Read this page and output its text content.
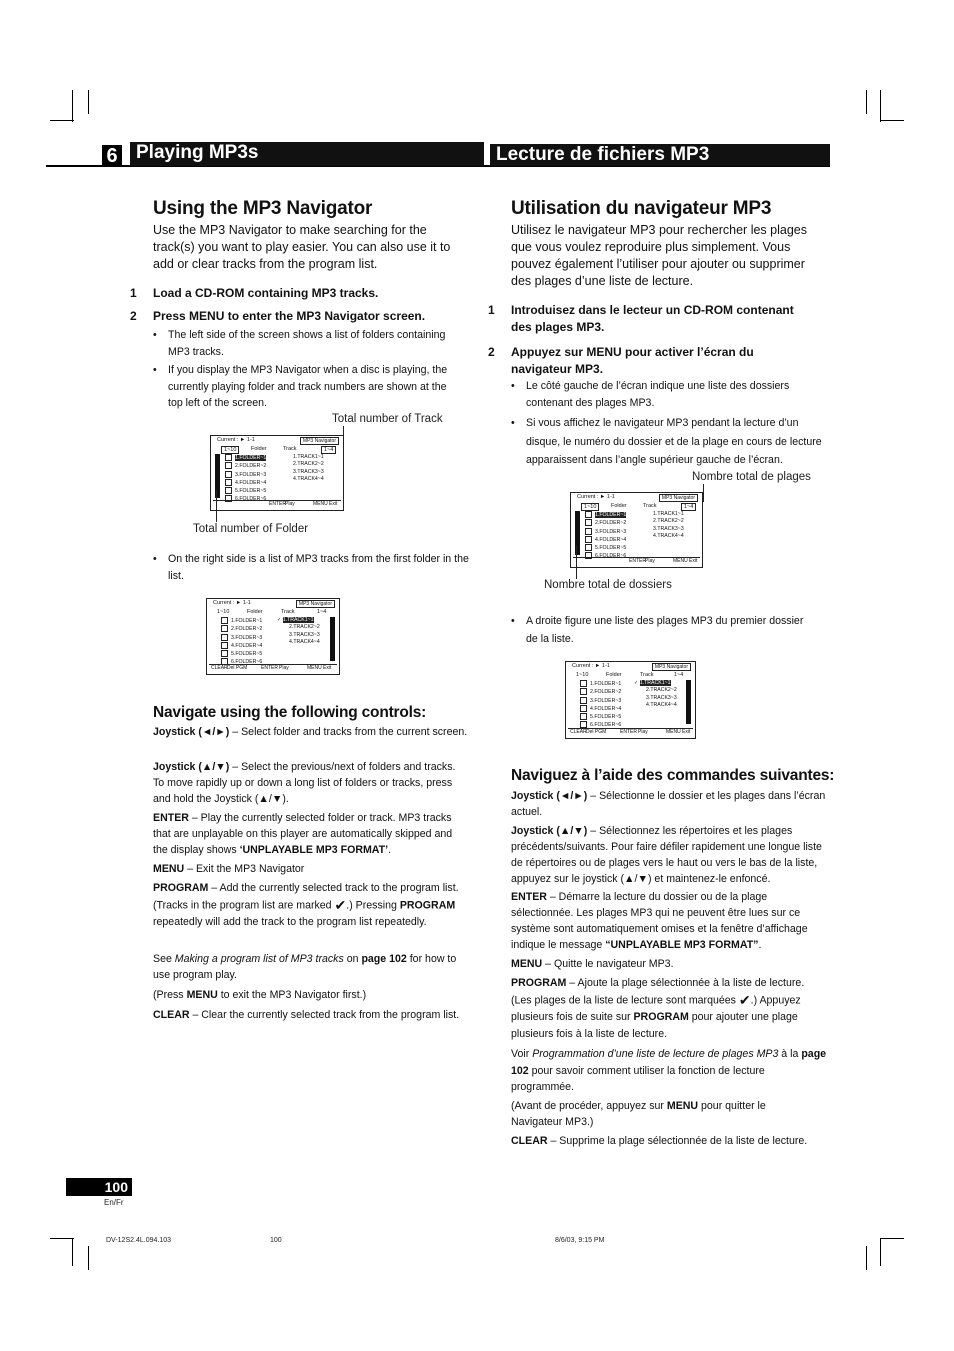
6 Playing MP3s	Lecture de fichiers MP3
Using the MP3 Navigator
Use the MP3 Navigator to make searching for the track(s) you want to play easier. You can also use it to add or clear tracks from the program list.
1 Load a CD-ROM containing MP3 tracks.
2 Press MENU to enter the MP3 Navigator screen.
• The left side of the screen shows a list of folders containing MP3 tracks.
• If you display the MP3 Navigator when a disc is playing, the currently playing folder and track numbers are shown at the top left of the screen.
Total number of Track
Current : ► 1-1	MP3 Navigator
1~10	Folder	Track	1~4
1.FOLDER~1
2.FOLDER~2
3.FOLDER~3
4.FOLDER~4
5.FOLDER~5
6.FOLDER~6
1.TRACK1~1
2.TRACK2~2
3.TRACK3~3
4.TRACK4~4
ENTER Play	MENU Exit
Total number of Folder
• On the right side is a list of MP3 tracks from the first folder in the list.
Current : ► 1-1	MP3 Navigator
1~10	Folder	Track	1~4
1.FOLDER~1
2.FOLDER~2
3.FOLDER~3
4.FOLDER~4
5.FOLDER~5
6.FOLDER~6
✓ 1.TRACK1~1
2.TRACK2~2
3.TRACK3~3
4.TRACK4~4
CLEAR Del PGM	ENTER Play	MENU Exit
Navigate using the following controls:
Joystick (◄/►) – Select folder and tracks from the current screen.
Joystick (▲/▼) – Select the previous/next of folders and tracks. To move rapidly up or down a long list of folders or tracks, press and hold the Joystick (▲/▼).
ENTER – Play the currently selected folder or track. MP3 tracks that are unplayable on this player are automatically skipped and the display shows ‘UNPLAYABLE MP3 FORMAT’.
MENU – Exit the MP3 Navigator
PROGRAM – Add the currently selected track to the program list. (Tracks in the program list are marked ✔.) Pressing PROGRAM repeatedly will add the track to the program list repeatedly.
See Making a program list of MP3 tracks on page 102 for how to use program play.
(Press MENU to exit the MP3 Navigator first.)
CLEAR – Clear the currently selected track from the program list.
Utilisation du navigateur MP3
Utilisez le navigateur MP3 pour rechercher les plages que vous voulez reproduire plus simplement. Vous pouvez également l’utiliser pour ajouter ou supprimer des plages d’une liste de lecture.
1 Introduisez dans le lecteur un CD-ROM contenant des plages MP3.
2 Appuyez sur MENU pour activer l’écran du navigateur MP3.
• Le côté gauche de l’écran indique une liste des dossiers contenant des plages MP3.
• Si vous affichez le navigateur MP3 pendant la lecture d’un disque, le numéro du dossier et de la plage en cours de lecture apparaissent dans l’angle supérieur gauche de l’écran.
Nombre total de plages
Current : ► 1-1	MP3 Navigator
1~10	Folder	Track	1~4
1.FOLDER~1
2.FOLDER~2
3.FOLDER~3
4.FOLDER~4
5.FOLDER~5
6.FOLDER~6
1.TRACK1~1
2.TRACK2~2
3.TRACK3~3
4.TRACK4~4
ENTER Play	MENU Exit
Nombre total de dossiers
• A droite figure une liste des plages MP3 du premier dossier de la liste.
Current : ► 1-1	MP3 Navigator
1~10	Folder	Track	1~4
1.FOLDER~1
2.FOLDER~2
3.FOLDER~3
4.FOLDER~4
5.FOLDER~5
6.FOLDER~6
✓ 1.TRACK1~1
2.TRACK2~2
3.TRACK3~3
4.TRACK4~4
CLEAR Del PGM	ENTER Play	MENU Exit
Naviguez à l’aide des commandes suivantes:
Joystick (◄/►) – Sélectionne le dossier et les plages dans l’écran actuel.
Joystick (▲/▼) – Sélectionnez les répertoires et les plages précédents/suivants. Pour faire défiler rapidement une longue liste de répertoires ou de plages vers le haut ou vers le bas de la liste, appuyez sur le joystick (▲/▼) et maintenez-le enfoncé.
ENTER – Démarre la lecture du dossier ou de la plage sélectionnée. Les plages MP3 qui ne peuvent être lues sur ce système sont automatiquement omises et la fenêtre d’affichage indique le message “UNPLAYABLE MP3 FORMAT”.
MENU – Quitte le navigateur MP3.
PROGRAM – Ajoute la plage sélectionnée à la liste de lecture. (Les plages de la liste de lecture sont marquées ✔.) Appuyez plusieurs fois de suite sur PROGRAM pour ajouter une plage plusieurs fois à la liste de lecture.
Voir Programmation d’une liste de lecture de plages MP3 à la page 102 pour savoir comment utiliser la fonction de lecture programmée.
(Avant de procéder, appuyez sur MENU pour quitter le Navigateur MP3.)
CLEAR – Supprime la plage sélectionnée de la liste de lecture.
100
En/Fr
DV-12S2.4L.094.103	100	8/6/03, 9:15 PM
